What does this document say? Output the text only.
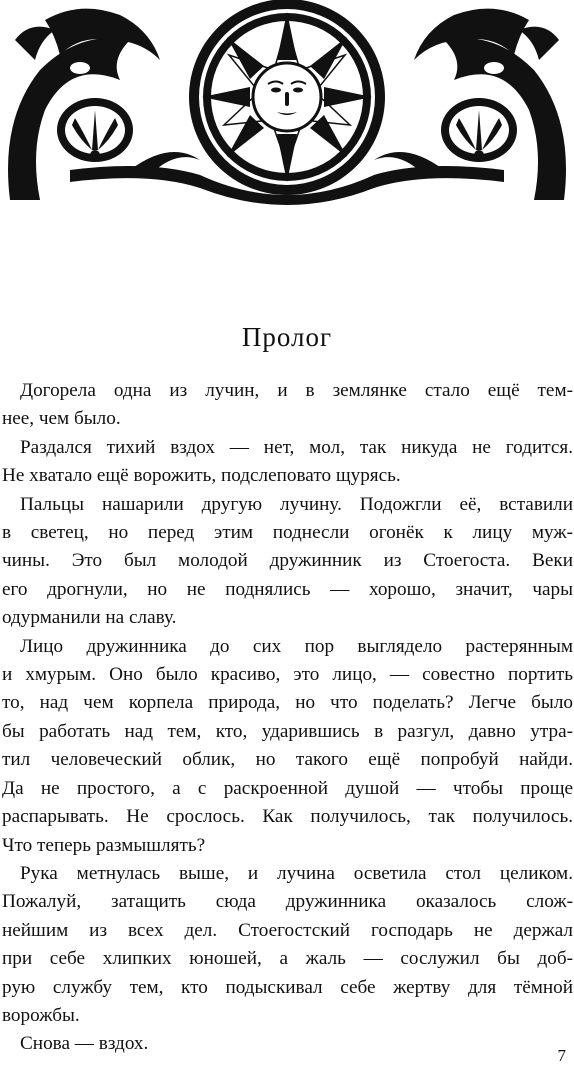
Пролог
Догорела одна из лучин, и в землянке стало ещё тем-
нее, чем было.
Раздался тихий вздох — нет, мол, так никуда не годится.
Не хватало ещё ворожить, подслеповато щурясь.
Пальцы нашарили другую лучину. Подожгли её, вставили
в светец, но перед этим поднесли огонёк к лицу муж-
чины. Это был молодой дружинник из Стоегоста. Веки
его дрогнули, но не поднялись — хорошо, значит, чары
одурманили на славу.
Лицо дружинника до сих пор выглядело растерянным
и хмурым. Оно было красиво, это лицо, — совестно портить
то, над чем корпела природа, но что поделать? Легче было
бы работать над тем, кто, ударившись в разгул, давно утра-
тил человеческий облик, но такого ещё попробуй найди.
Да не простого, а с раскроенной душой — чтобы проще
распарывать. Не срослось. Как получилось, так получилось.
Что теперь размышлять?
Рука метнулась выше, и лучина осветила стол целиком.
Пожалуй, затащить сюда дружинника оказалось слож-
нейшим из всех дел. Стоегостский господарь не держал
при себе хлипких юношей, а жаль — сослужил бы доб-
рую службу тем, кто подыскивал себе жертву для тёмной
ворожбы.
Снова — вздох.
7
